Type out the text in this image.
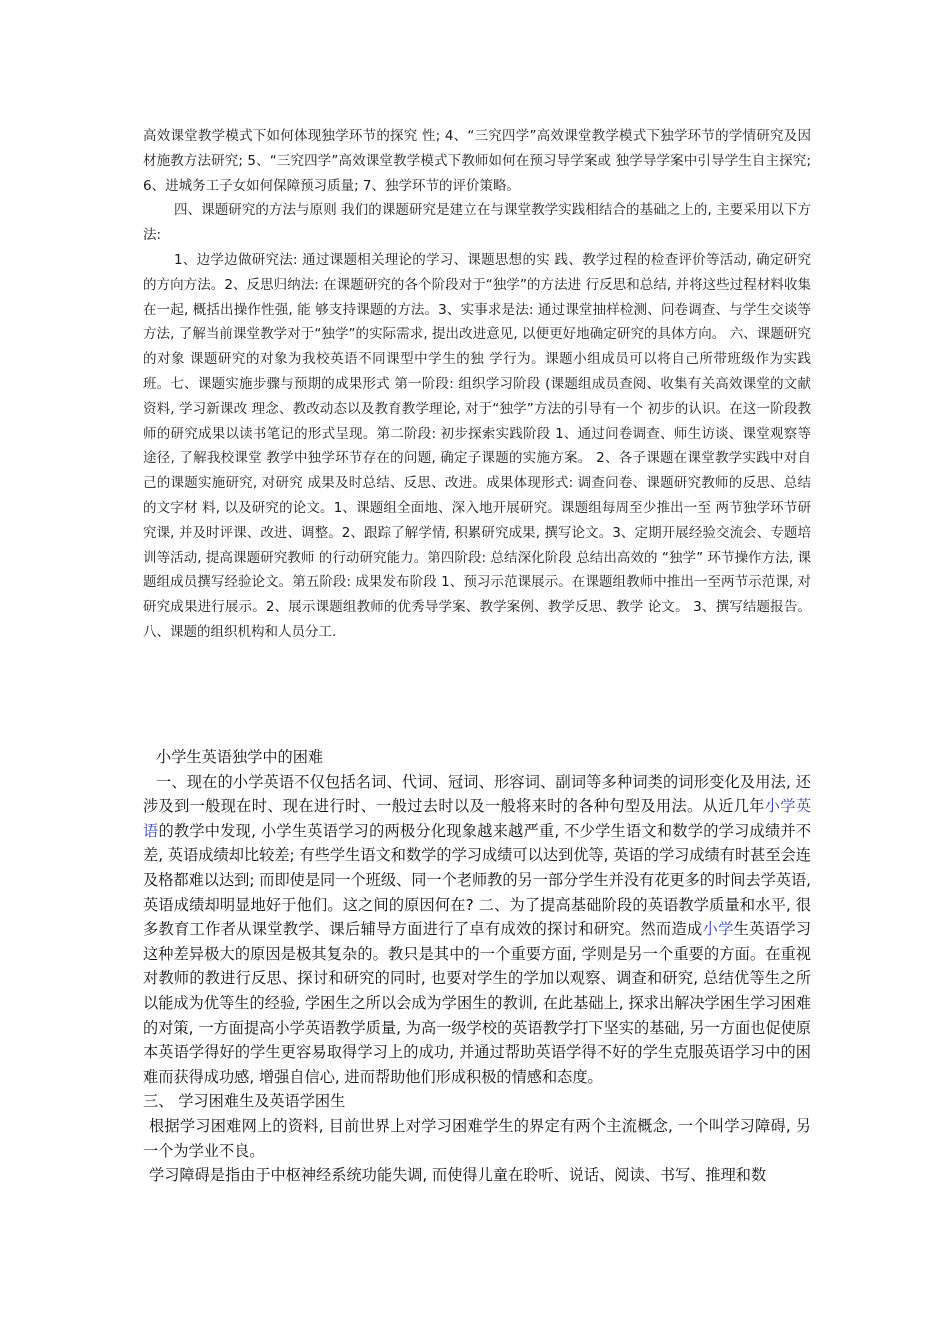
高效课堂教学模式下如何体现独学环节的探究 性; 4、“三究四学”高效课堂教学模式下独学环节的学情研究及因 材施教方法研究; 5、“三究四学”高效课堂教学模式下教师如何在预习导学案或 独学导学案中引导学生自主探究; 6、进城务工子女如何保障预习质量; 7、独学环节的评价策略。

四、课题研究的方法与原则 我们的课题研究是建立在与课堂教学实践相结合的基础之上的, 主要采用以下方法:

1、边学边做研究法: 通过课题相关理论的学习、课题思想的实 践、教学过程的检查评价等活动, 确定研究的方向方法。2、反思归纳法: 在课题研究的各个阶段对于“独学”的方法进 行反思和总结, 并将这些过程材料收集在一起, 概括出操作性强, 能 够支持课题的方法。3、实事求是法: 通过课堂抽样检测、问卷调查、与学生交谈等 方法, 了解当前课堂教学对于“独学”的实际需求, 提出改进意见, 以便更好地确定研究的具体方向。 六、课题研究的对象 课题研究的对象为我校英语不同课型中学生的独 学行为。课题小组成员可以将自己所带班级作为实践班。七、课题实施步骤与预期的成果形式 第一阶段: 组织学习阶段 (课题组成员查阅、收集有关高效课堂的文献资料, 学习新课改 理念、教改动态以及教育教学理论, 对于“独学”方法的引导有一个 初步的认识。在这一阶段教师的研究成果以读书笔记的形式呈现。第二阶段: 初步探索实践阶段 1、通过问卷调查、师生访谈、课堂观察等途径, 了解我校课堂 教学中独学环节存在的问题, 确定子课题的实施方案。 2、各子课题在课堂教学实践中对自己的课题实施研究, 对研究 成果及时总结、反思、改进。成果体现形式: 调查问卷、课题研究教师的反思、总结的文字材 料, 以及研究的论文。1、课题组全面地、深入地开展研究。课题组每周至少推出一至 两节独学环节研究课, 并及时评课、改进、调整。2、跟踪了解学情, 积累研究成果, 撰写论文。3、定期开展经验交流会、专题培训等活动, 提高课题研究教师 的行动研究能力。第四阶段: 总结深化阶段 总结出高效的 “独学” 环节操作方法, 课题组成员撰写经验论文。第五阶段: 成果发布阶段 1、预习示范课展示。在课题组教师中推出一至两节示范课, 对 研究成果进行展示。2、展示课题组教师的优秀导学案、教学案例、教学反思、教学 论文。 3、撰写结题报告。 八、课题的组织机构和人员分工.

小学生英语独学中的困难

一、现在的小学英语不仅包括名词、代词、冠词、形容词、副词等多种词类的词形变化及用法, 还涉及到一般现在时、现在进行时、一般过去时以及一般将来时的各种句型及用法。从近几年小学英语的教学中发现, 小学生英语学习的两极分化现象越来越严重, 不少学生语文和数学的学习成绩并不差, 英语成绩却比较差; 有些学生语文和数学的学习成绩可以达到优等, 英语的学习成绩有时甚至会连及格都难以达到; 而即使是同一个班级、同一个老师教的另一部分学生并没有花更多的时间去学英语, 英语成绩却明显地好于他们。这之间的原因何在? 二、为了提高基础阶段的英语教学质量和水平, 很多教育工作者从课堂教学、课后辅导方面进行了卓有成效的探讨和研究。然而造成小学生英语学习这种差异极大的原因是极其复杂的。教只是其中的一个重要方面, 学则是另一个重要的方面。在重视对教师的教进行反思、探讨和研究的同时, 也要对学生的学加以观察、调查和研究, 总结优等生之所以能成为优等生的经验, 学困生之所以会成为学困生的教训, 在此基础上, 探求出解决学困生学习困难的对策, 一方面提高小学英语教学质量, 为高一级学校的英语教学打下坚实的基础, 另一方面也促使原本英语学得好的学生更容易取得学习上的成功, 并通过帮助英语学得不好的学生克服英语学习中的困难而获得成功感, 增强自信心, 进而帮助他们形成积极的情感和态度。

三、 学习困难生及英语学困生

根据学习困难网上的资料, 目前世界上对学习困难学生的界定有两个主流概念, 一个叫学习障碍, 另一个为学业不良。

学习障碍是指由于中枢神经系统功能失调, 而使得儿童在聆听、说话、阅读、书写、推理和数
